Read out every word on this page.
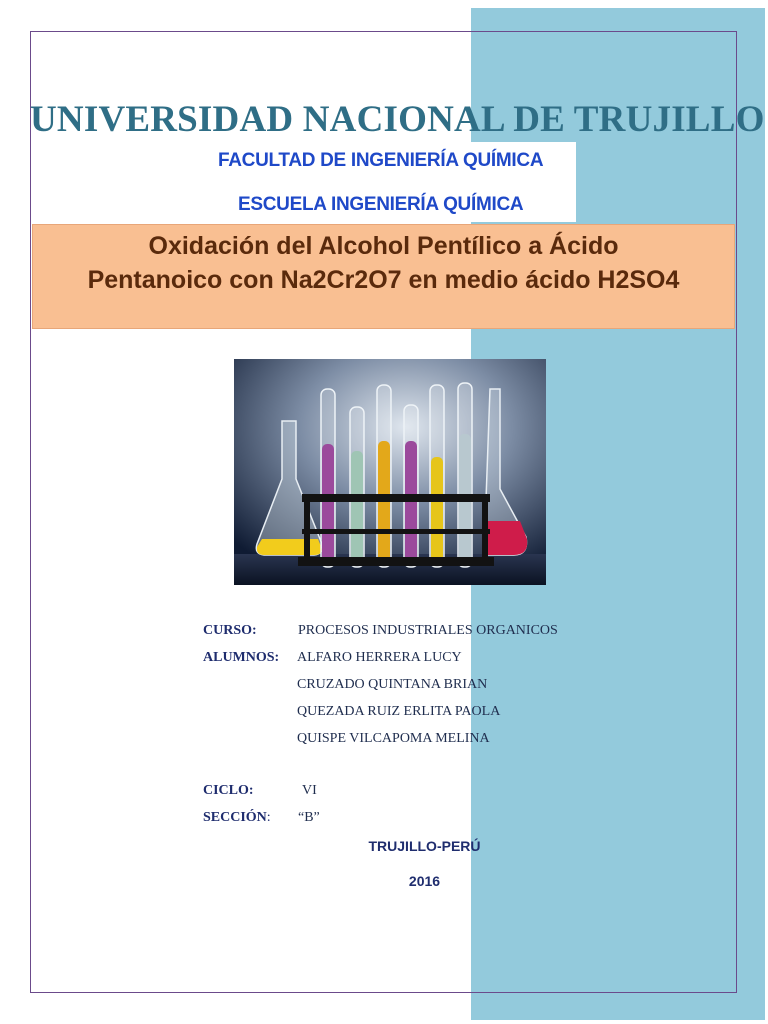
UNIVERSIDAD NACIONAL DE TRUJILLO
FACULTAD DE INGENIERÍA QUÍMICA
ESCUELA INGENIERÍA QUÍMICA
Oxidación del Alcohol Pentílico a Ácido
Pentanoico con Na2Cr2O7 en medio ácido H2SO4
CURSO:	PROCESOS INDUSTRIALES ORGANICOS
ALUMNOS: ALFARO HERRERA LUCY
CRUZADO QUINTANA BRIAN
QUEZADA RUIZ ERLITA PAOLA
QUISPE VILCAPOMA MELINA
CICLO:	VI
SECCIÓN: “B”
TRUJILLO-PERÚ
2016
